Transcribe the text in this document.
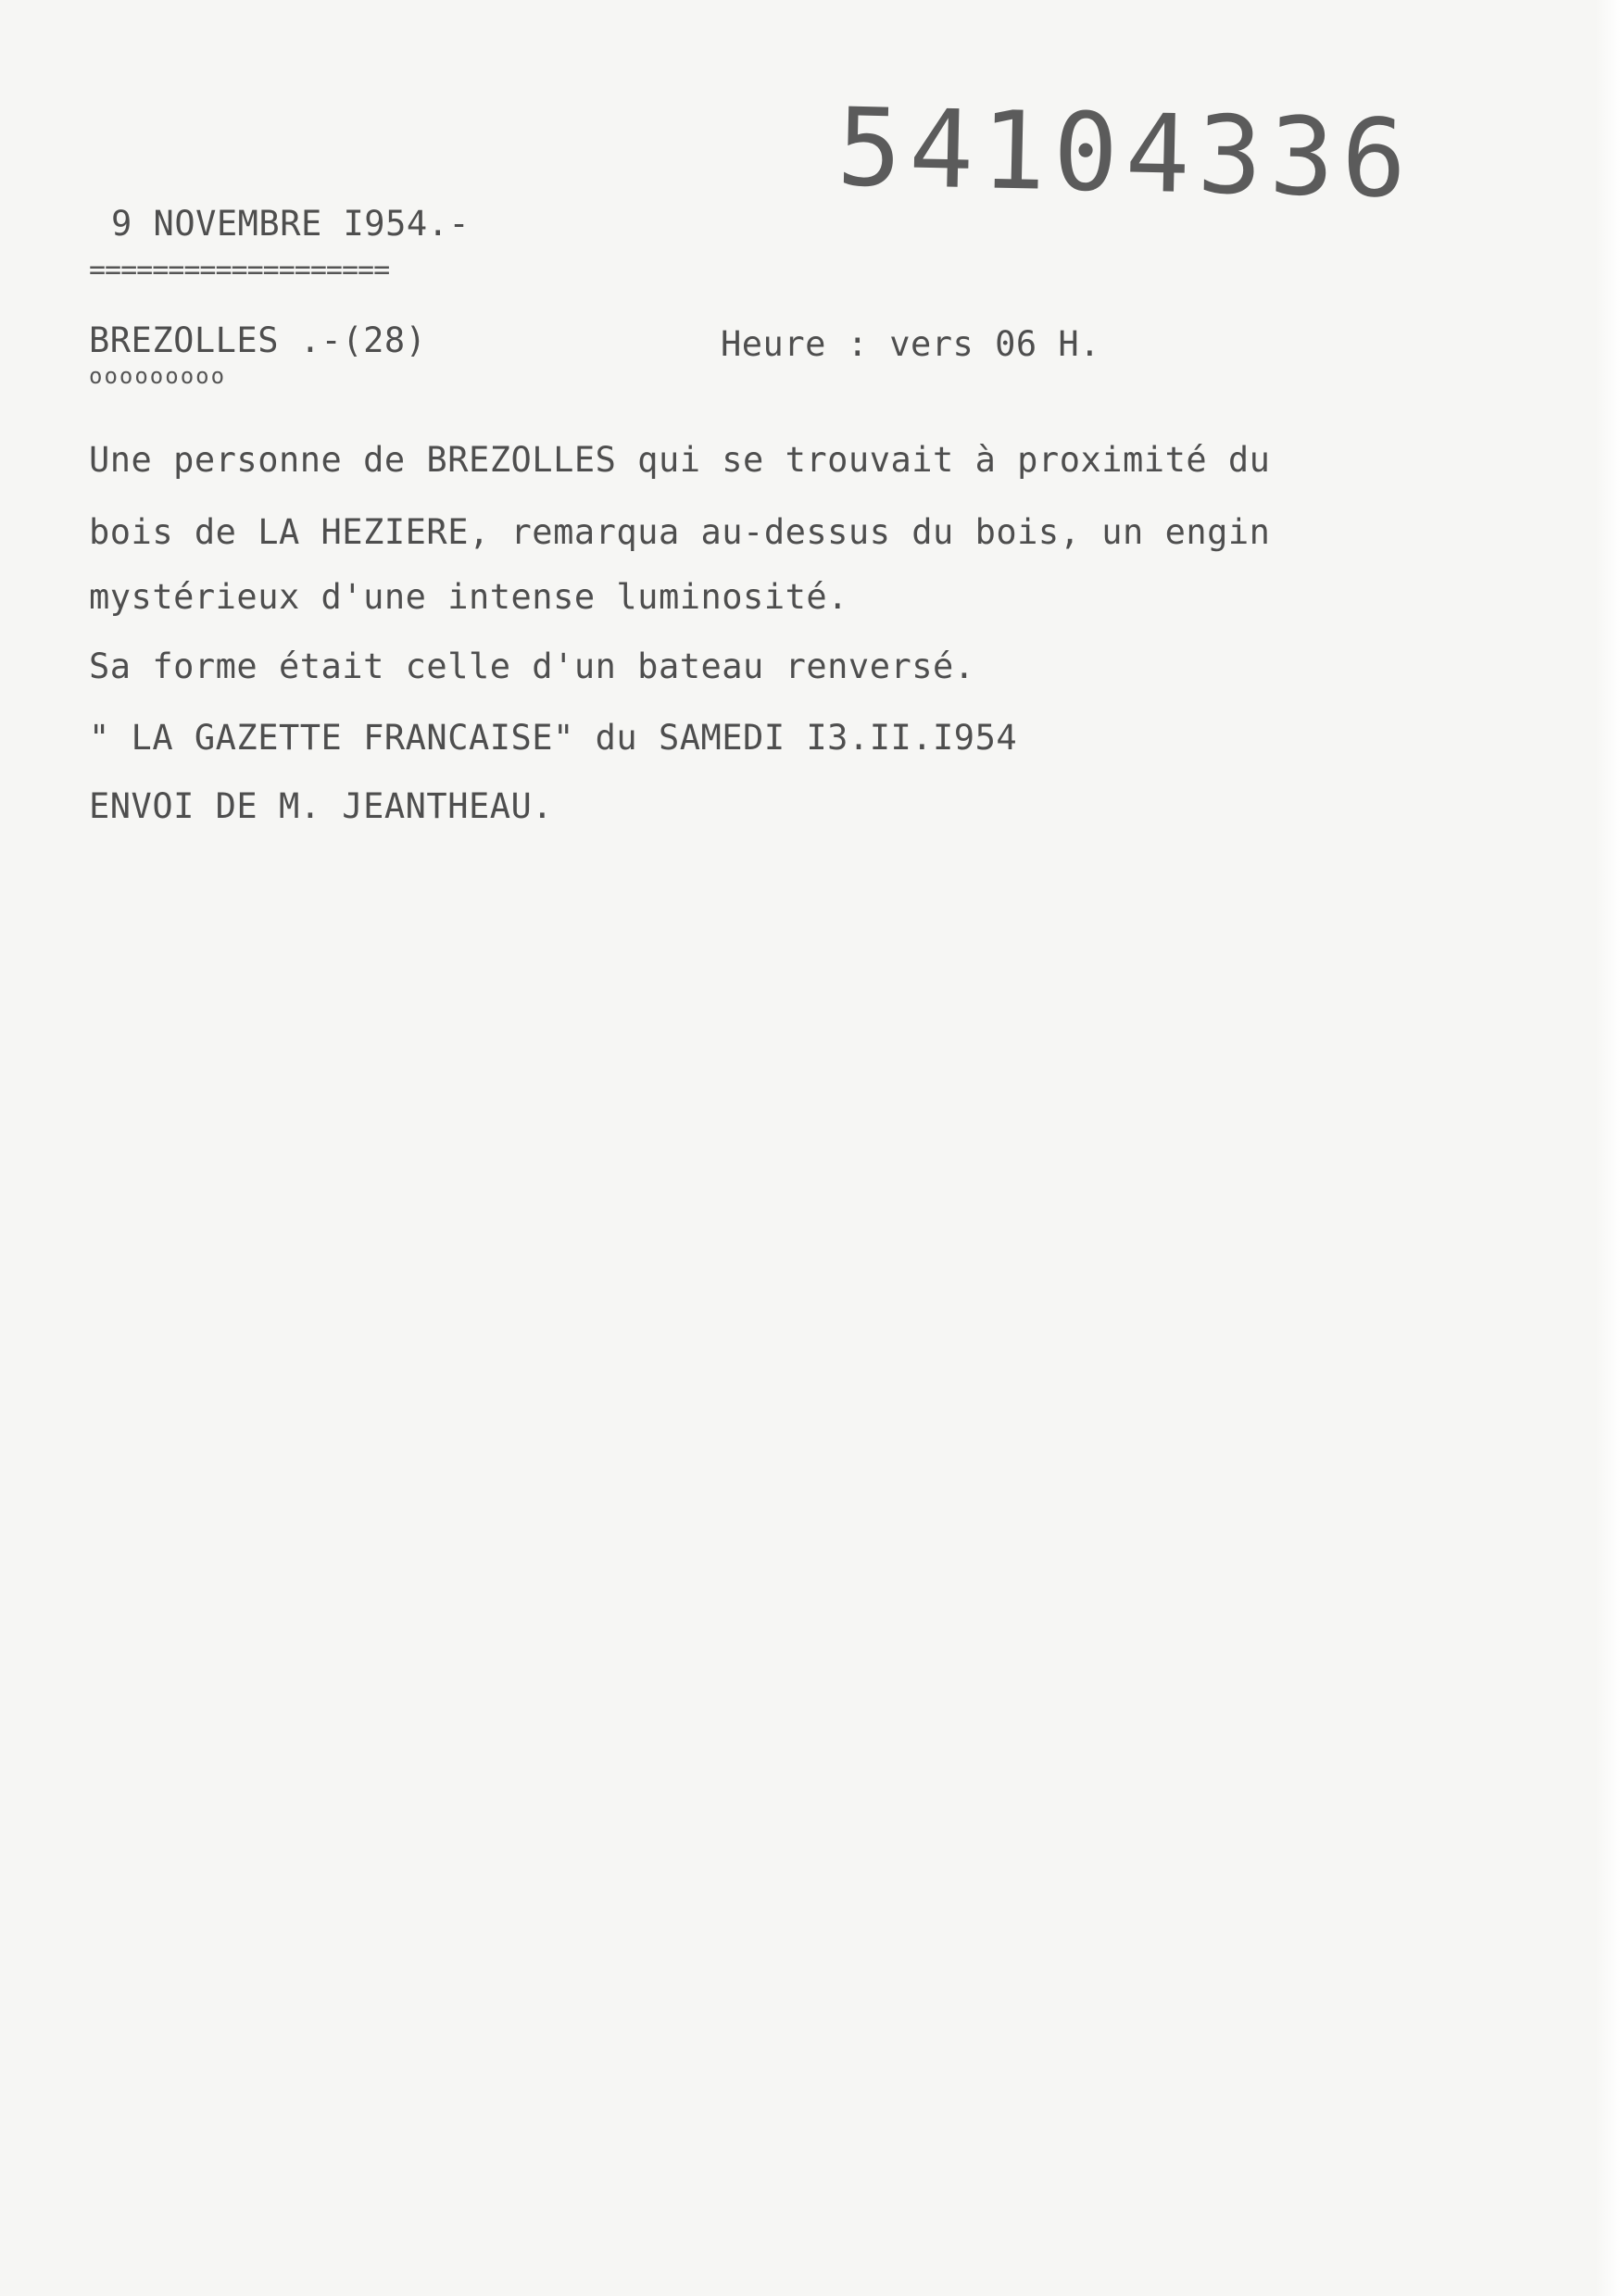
54104336
9 NOVEMBRE I954.-
===================
BREZOLLES .-(28)
ooooooooo
Heure : vers 06 H.
Une personne de BREZOLLES qui se trouvait à proximité du
bois de LA HEZIERE, remarqua au-dessus du bois, un engin
mystérieux d'une intense luminosité.
Sa forme était celle d'un bateau renversé.
" LA GAZETTE FRANCAISE" du SAMEDI I3.II.I954
ENVOI DE M. JEANTHEAU.
